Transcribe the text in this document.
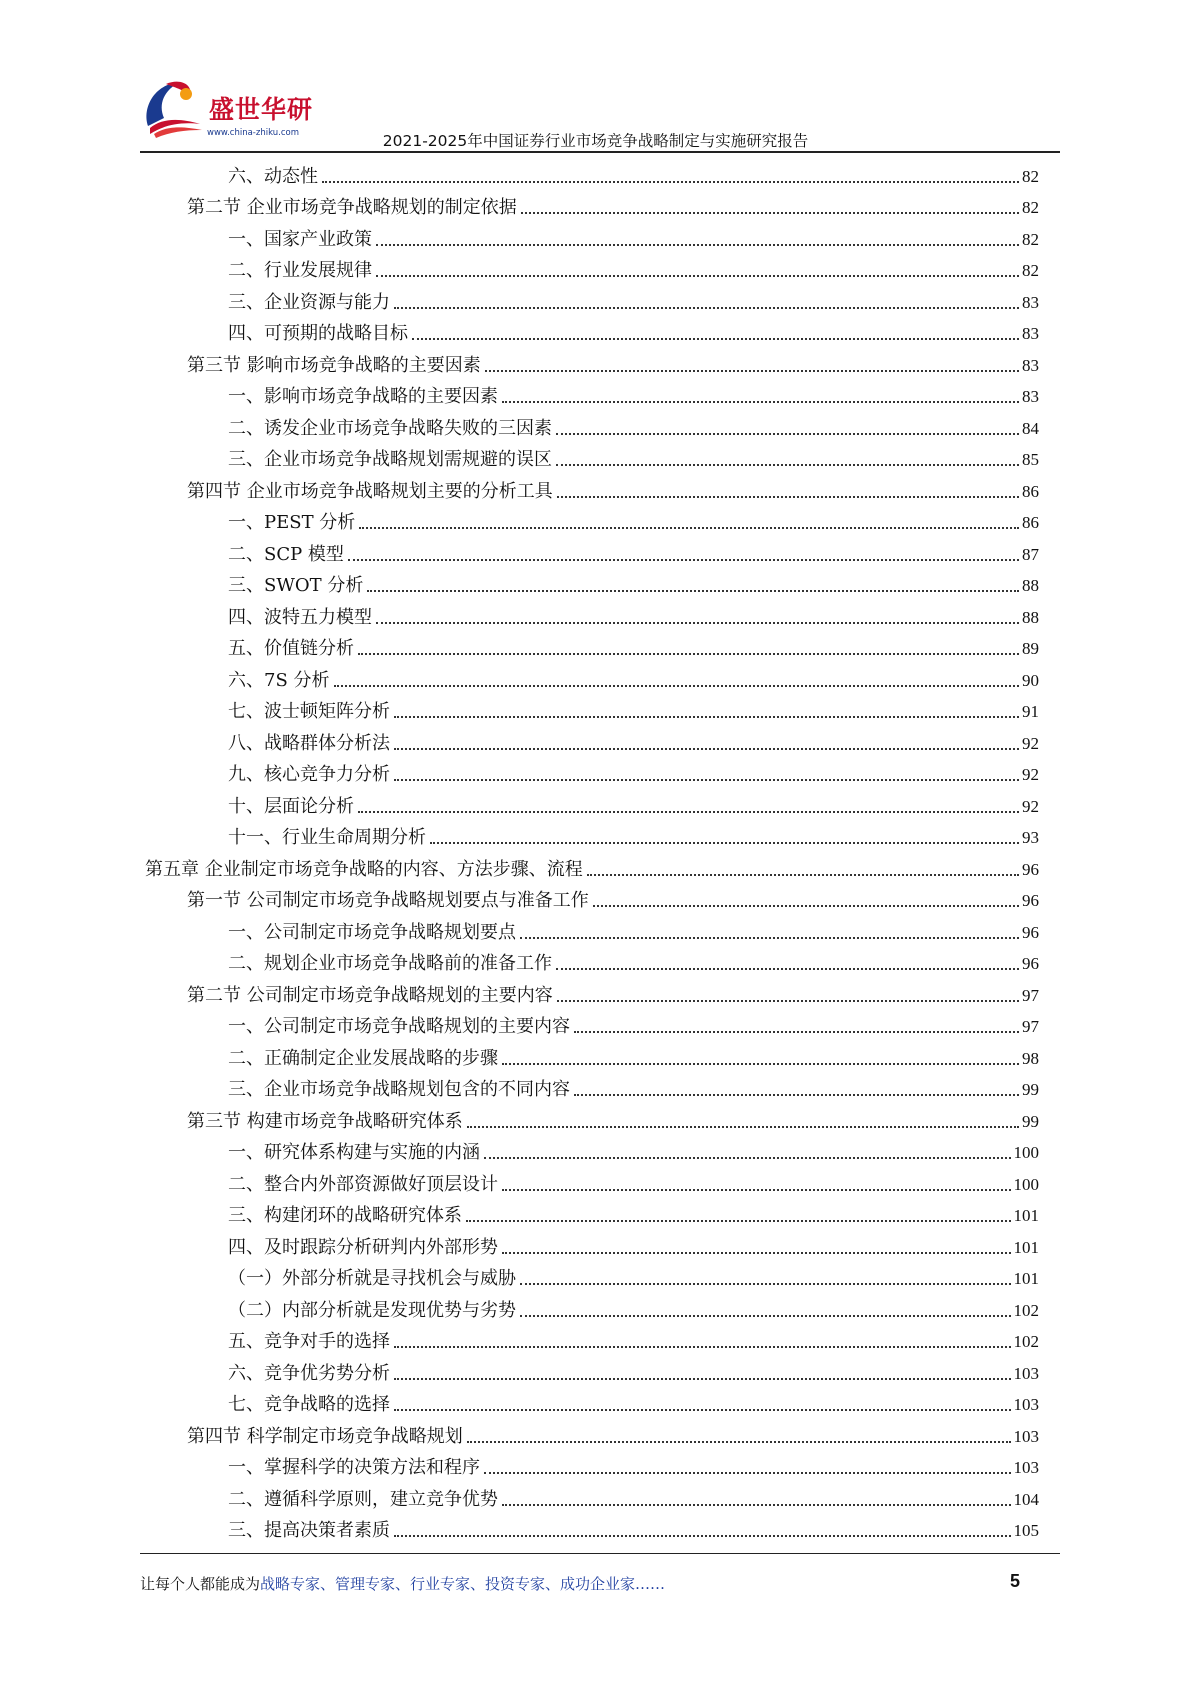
盛世华研
www.china-zhiku.com	2021-2025年中国证券行业市场竞争战略制定与实施研究报告
六、动态性	82
第二节 企业市场竞争战略规划的制定依据	82
一、国家产业政策	82
二、行业发展规律	82
三、企业资源与能力	83
四、可预期的战略目标	83
第三节 影响市场竞争战略的主要因素	83
一、影响市场竞争战略的主要因素	83
二、诱发企业市场竞争战略失败的三因素	84
三、企业市场竞争战略规划需规避的误区	85
第四节 企业市场竞争战略规划主要的分析工具	86
一、PEST 分析	86
二、SCP 模型	87
三、SWOT 分析	88
四、波特五力模型	88
五、价值链分析	89
六、7S 分析	90
七、波士顿矩阵分析	91
八、战略群体分析法	92
九、核心竞争力分析	92
十、层面论分析	92
十一、行业生命周期分析	93
第五章 企业制定市场竞争战略的内容、方法步骤、流程	96
第一节 公司制定市场竞争战略规划要点与准备工作	96
一、公司制定市场竞争战略规划要点	96
二、规划企业市场竞争战略前的准备工作	96
第二节 公司制定市场竞争战略规划的主要内容	97
一、公司制定市场竞争战略规划的主要内容	97
二、正确制定企业发展战略的步骤	98
三、企业市场竞争战略规划包含的不同内容	99
第三节 构建市场竞争战略研究体系	99
一、研究体系构建与实施的内涵	100
二、整合内外部资源做好顶层设计	100
三、构建闭环的战略研究体系	101
四、及时跟踪分析研判内外部形势	101
（一）外部分析就是寻找机会与威胁	101
（二）内部分析就是发现优势与劣势	102
五、竞争对手的选择	102
六、竞争优劣势分析	103
七、竞争战略的选择	103
第四节 科学制定市场竞争战略规划	103
一、掌握科学的决策方法和程序	103
二、遵循科学原则，建立竞争优势	104
三、提高决策者素质	105
让每个人都能成为战略专家、管理专家、行业专家、投资专家、成功企业家……	5
